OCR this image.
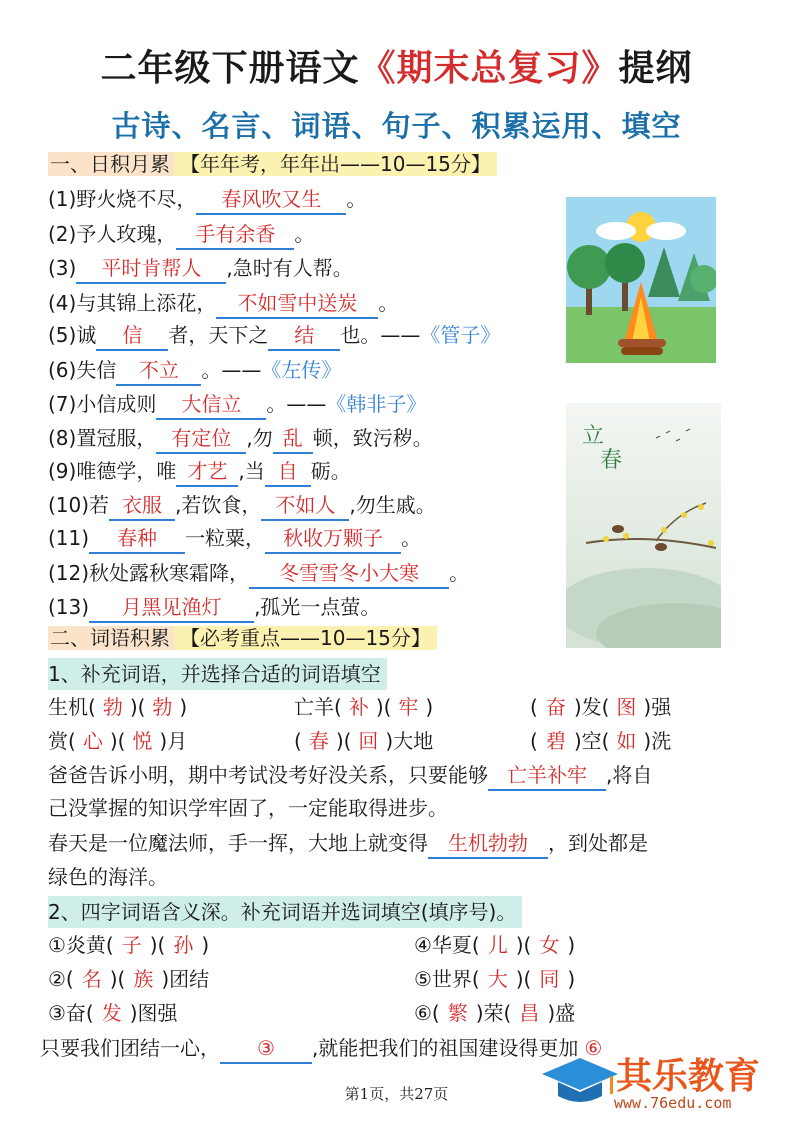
二年级下册语文《期末总复习》提纲
古诗、名言、词语、句子、积累运用、填空
一、日积月累 【年年考，年年出——10—15分】
(1)野火烧不尽， 春风吹又生 。
(2)予人玫瑰， 手有余香 。
(3) 平时肯帮人 ,急时有人帮。
(4)与其锦上添花， 不如雪中送炭 。
(5)诚 信 者，天下之 结 也。——《管子》
(6)失信 不立 。——《左传》
(7)小信成则 大信立 。——《韩非子》
(8)置冠服， 有定位 ,勿 乱 顿，致污秽。
(9)唯德学，唯 才艺 ,当 自 砺。
(10)若 衣服 ,若饮食， 不如人 ,勿生戚。
(11) 春种 一粒粟， 秋收万颗子 。
(12)秋处露秋寒霜降， 冬雪雪冬小大寒 。
(13) 月黑见渔灯 ,孤光一点萤。
立
春
二、词语积累 【必考重点——10—15分】
1、补充词语，并选择合适的词语填空
生机( 勃 )( 勃 )	亡羊( 补 )( 牢 )	( 奋 )发( 图 )强
赏( 心 )( 悦 )月	( 春 )( 回 )大地	( 碧 )空( 如 )洗
爸爸告诉小明，期中考试没考好没关系，只要能够 亡羊补牢 ,将自
己没掌握的知识学牢固了，一定能取得进步。
春天是一位魔法师，手一挥，大地上就变得 生机勃勃 ，到处都是
绿色的海洋。
2、四字词语含义深。补充词语并选词填空(填序号)。
①炎黄( 子 )( 孙 )	④华夏( 儿 )( 女 )
②( 名 )( 族 )团结	⑤世界( 大 )( 同 )
③奋( 发 )图强	⑥( 繁 )荣( 昌 )盛
只要我们团结一心， ③ ,就能把我们的祖国建设得更加 ⑥
第1页，共27页	其乐教育
www.76edu.com
